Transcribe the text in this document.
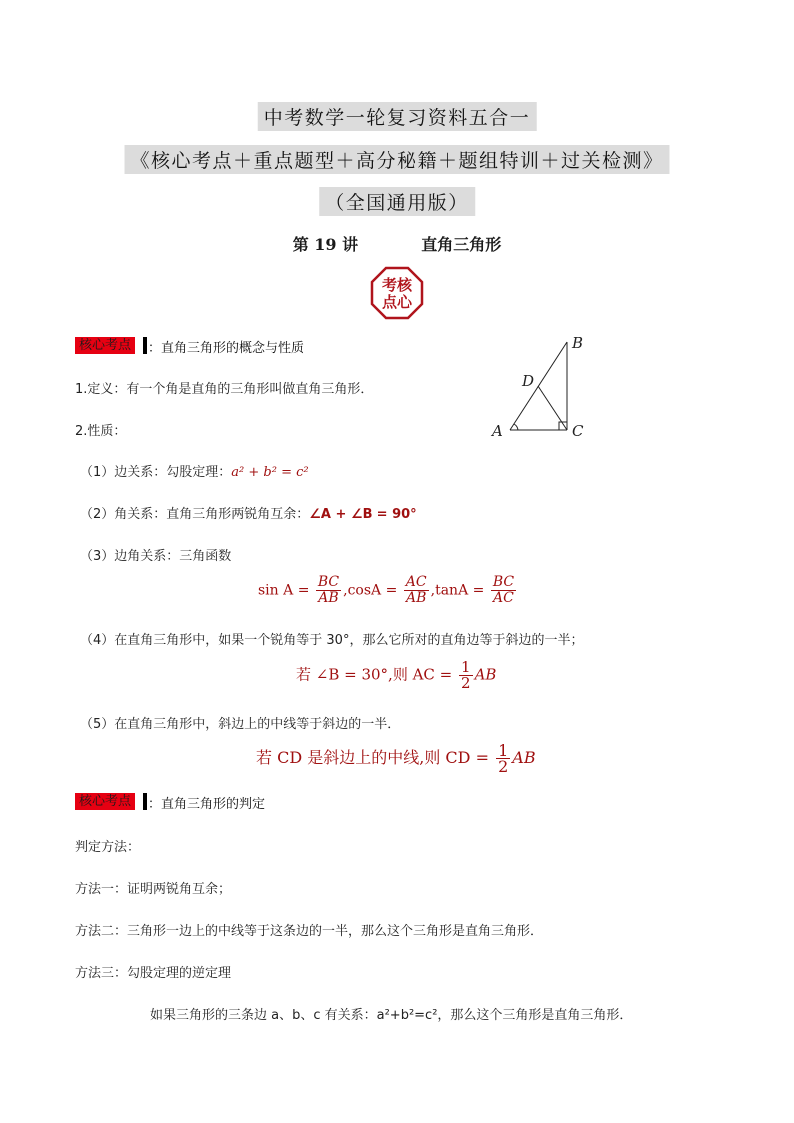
中考数学一轮复习资料五合一
《核心考点＋重点题型＋高分秘籍＋题组特训＋过关检测》
（全国通用版）
第 19 讲	直角三角形
考核
点心
核心考点	：直角三角形的概念与性质
1.定义：有一个角是直角的三角形叫做直角三角形．
2.性质：	A
B
C
D
（1）边关系：勾股定理：a² + b² = c²
（2）角关系：直角三角形两锐角互余：∠A + ∠B = 90°
（3）边角关系：三角函数
$\sin A = \frac{BC}{AB} ,\cos A = \frac{AC}{AB} ,\tan A = \frac{BC}{AC}$
（4）在直角三角形中，如果一个锐角等于 30°，那么它所对的直角边等于斜边的一半；
若 ∠B = 30°,则 AC = $\frac{1}{2}$ AB
（5）在直角三角形中，斜边上的中线等于斜边的一半．
若 CD 是斜边上的中线,则 CD = $\frac{1}{2}$ AB
核心考点	：直角三角形的判定
判定方法：
方法一：证明两锐角互余；
方法二：三角形一边上的中线等于这条边的一半，那么这个三角形是直角三角形．
方法三：勾股定理的逆定理
如果三角形的三条边 a、b、c 有关系：a²+b²=c²，那么这个三角形是直角三角形．
